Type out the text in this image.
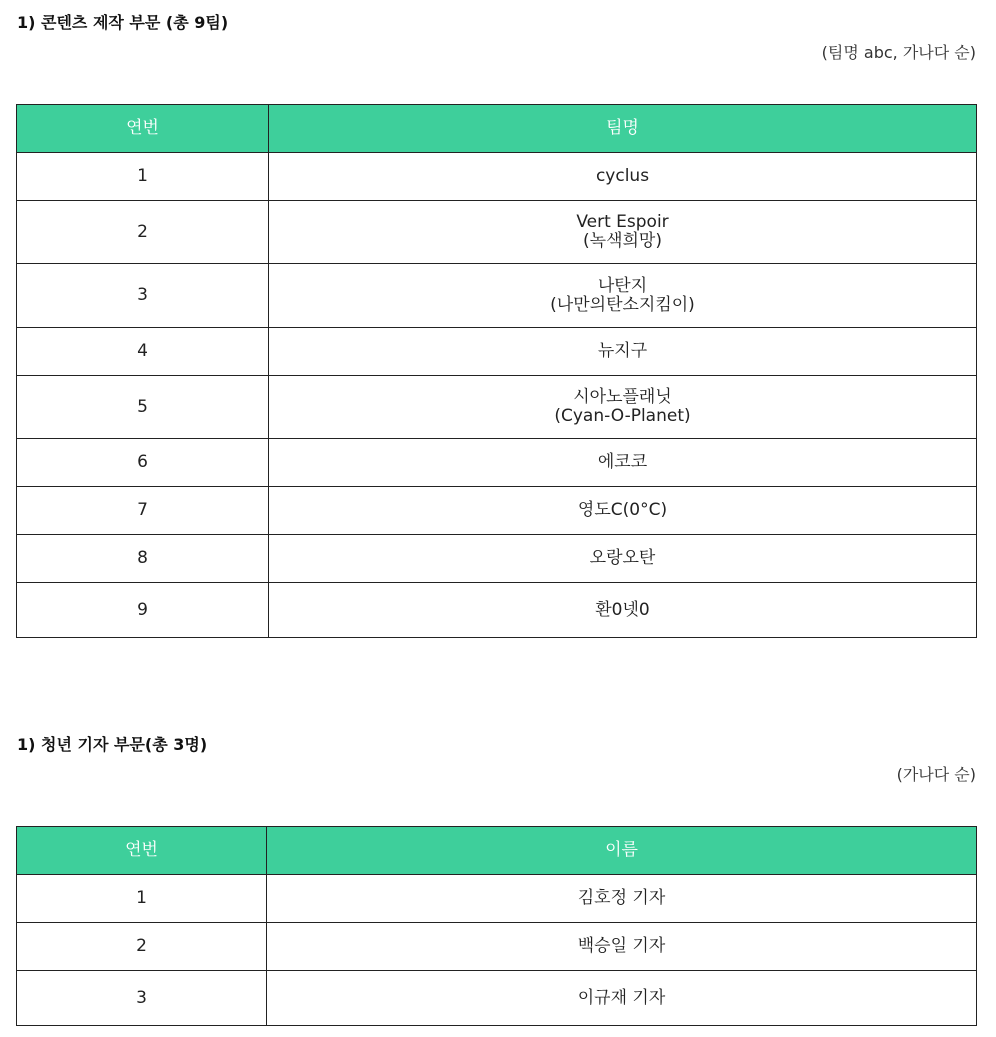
1) 콘텐츠 제작 부문 (총 9팀)

(팀명 abc, 가나다 순)

연번	팀명
1	cyclus
2	Vert Espoir
(녹색희망)

3	나탄지
(나만의탄소지킴이)

4	뉴지구
5	시아노플래닛
(Cyan-O-Planet)

6	에코코
7	영도C(0°C)
8	오랑오탄
9	환0넷0

1) 청년 기자 부문(총 3명)

(가나다 순)

연번	이름
1	김호정 기자
2	백승일 기자
3	이규재 기자
